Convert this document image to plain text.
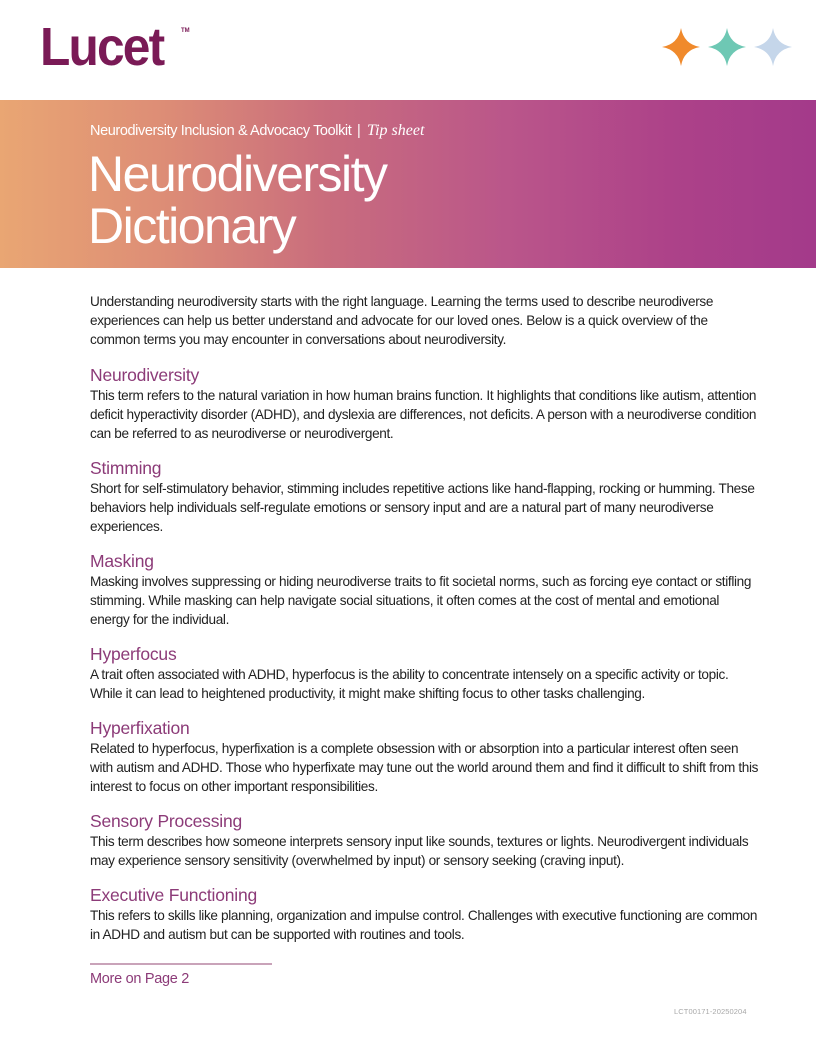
Lucet	TM
Neurodiversity Inclusion & Advocacy Toolkit | Tip sheet
Neurodiversity
Dictionary

Understanding neurodiversity starts with the right language. Learning the terms used to describe neurodiverse experiences can help us better understand and advocate for our loved ones. Below is a quick overview of the common terms you may encounter in conversations about neurodiversity.

Neurodiversity

This term refers to the natural variation in how human brains function. It highlights that conditions like autism, attention deficit hyperactivity disorder (ADHD), and dyslexia are differences, not deficits. A person with a neurodiverse condition can be referred to as neurodiverse or neurodivergent.

Stimming

Short for self-stimulatory behavior, stimming includes repetitive actions like hand-flapping, rocking or humming. These behaviors help individuals self-regulate emotions or sensory input and are a natural part of many neurodiverse experiences.

Masking

Masking involves suppressing or hiding neurodiverse traits to fit societal norms, such as forcing eye contact or stifling stimming. While masking can help navigate social situations, it often comes at the cost of mental and emotional energy for the individual.

Hyperfocus

A trait often associated with ADHD, hyperfocus is the ability to concentrate intensely on a specific activity or topic. While it can lead to heightened productivity, it might make shifting focus to other tasks challenging.

Hyperfixation

Related to hyperfocus, hyperfixation is a complete obsession with or absorption into a particular interest often seen with autism and ADHD. Those who hyperfixate may tune out the world around them and find it difficult to shift from this interest to focus on other important responsibilities.

Sensory Processing

This term describes how someone interprets sensory input like sounds, textures or lights. Neurodivergent individuals may experience sensory sensitivity (overwhelmed by input) or sensory seeking (craving input).

Executive Functioning

This refers to skills like planning, organization and impulse control. Challenges with executive functioning are common in ADHD and autism but can be supported with routines and tools.

More on Page 2
LCT00171-20250204
